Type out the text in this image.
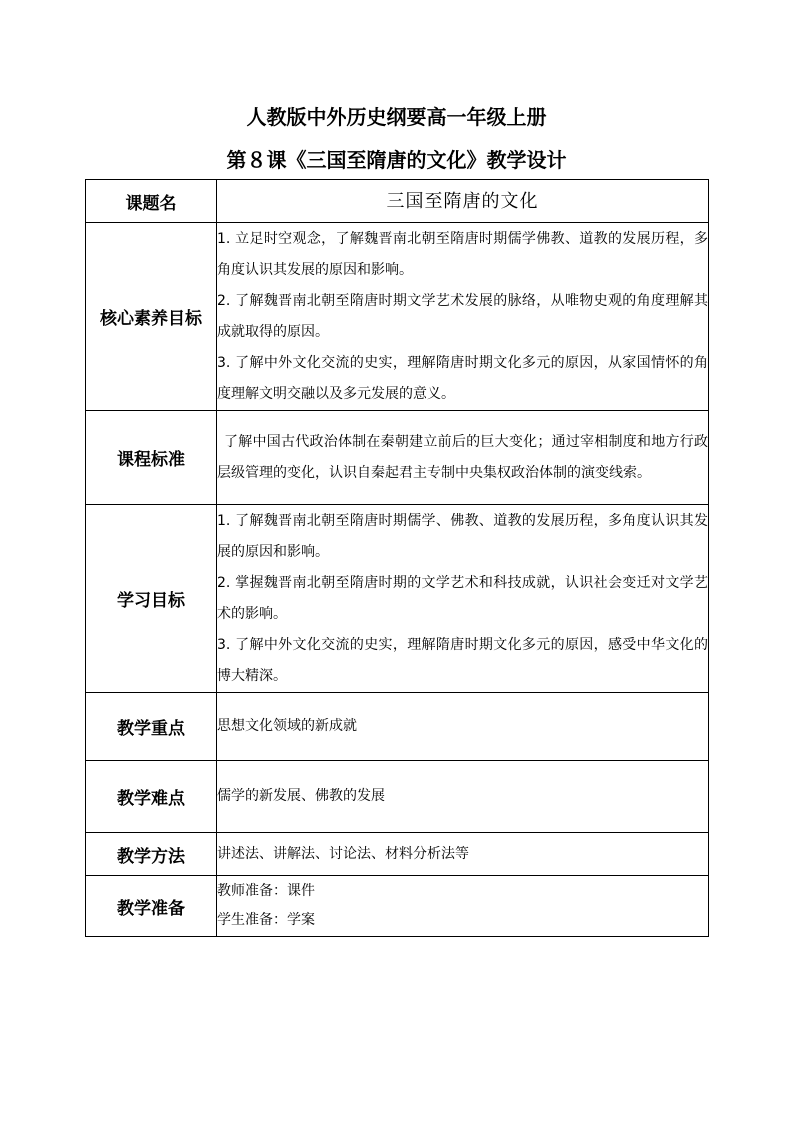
人教版中外历史纲要高一年级上册
第８课《三国至隋唐的文化》教学设计
课题名	三国至隋唐的文化
核心素养目标	1. 立足时空观念，了解魏晋南北朝至隋唐时期儒学佛教、道教的发展历程，多角度认识其发展的原因和影响。

2. 了解魏晋南北朝至隋唐时期文学艺术发展的脉络，从唯物史观的角度理解其成就取得的原因。

3. 了解中外文化交流的史实，理解隋唐时期文化多元的原因，从家国情怀的角度理解文明交融以及多元发展的意义。

课程标准	了解中国古代政治体制在秦朝建立前后的巨大变化；通过宰相制度和地方行政层级管理的变化，认识自秦起君主专制中央集权政治体制的演变线索。

学习目标	1. 了解魏晋南北朝至隋唐时期儒学、佛教、道教的发展历程，多角度认识其发展的原因和影响。

2. 掌握魏晋南北朝至隋唐时期的文学艺术和科技成就，认识社会变迁对文学艺术的影响。

3. 了解中外文化交流的史实，理解隋唐时期文化多元的原因，感受中华文化的博大精深。

教学重点	思想文化领域的新成就
教学难点	儒学的新发展、佛教的发展
教学方法	讲述法、讲解法、讨论法、材料分析法等
教学准备	教师准备：课件

学生准备：学案
